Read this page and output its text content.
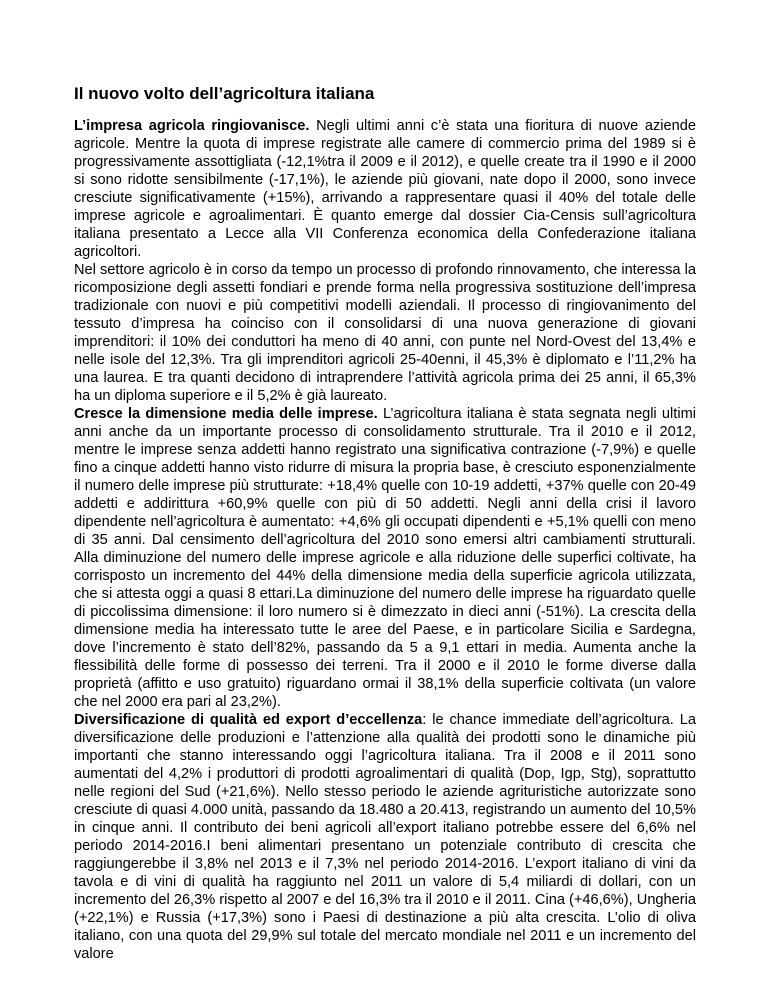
Il nuovo volto dell’agricoltura italiana

L’impresa agricola ringiovanisce. Negli ultimi anni c’è stata una fioritura di nuove aziende agricole. Mentre la quota di imprese registrate alle camere di commercio prima del 1989 si è progressivamente assottigliata (-12,1%tra il 2009 e il 2012), e quelle create tra il 1990 e il 2000 si sono ridotte sensibilmente (-17,1%), le aziende più giovani, nate dopo il 2000, sono invece cresciute significativamente (+15%), arrivando a rappresentare quasi il 40% del totale delle imprese agricole e agroalimentari. È quanto emerge dal dossier Cia-Censis sull’agricoltura italiana presentato a Lecce alla VII Conferenza economica della Confederazione italiana agricoltori.

Nel settore agricolo è in corso da tempo un processo di profondo rinnovamento, che interessa la ricomposizione degli assetti fondiari e prende forma nella progressiva sostituzione dell’impresa tradizionale con nuovi e più competitivi modelli aziendali. Il processo di ringiovanimento del tessuto d’impresa ha coinciso con il consolidarsi di una nuova generazione di giovani imprenditori: il 10% dei conduttori ha meno di 40 anni, con punte nel Nord-Ovest del 13,4% e nelle isole del 12,3%. Tra gli imprenditori agricoli 25-40enni, il 45,3% è diplomato e l’11,2% ha una laurea. E tra quanti decidono di intraprendere l’attività agricola prima dei 25 anni, il 65,3% ha un diploma superiore e il 5,2% è già laureato.

Cresce la dimensione media delle imprese. L’agricoltura italiana è stata segnata negli ultimi anni anche da un importante processo di consolidamento strutturale. Tra il 2010 e il 2012, mentre le imprese senza addetti hanno registrato una significativa contrazione (-7,9%) e quelle fino a cinque addetti hanno visto ridurre di misura la propria base, è cresciuto esponenzialmente il numero delle imprese più strutturate: +18,4% quelle con 10-19 addetti, +37% quelle con 20-49 addetti e addirittura +60,9% quelle con più di 50 addetti. Negli anni della crisi il lavoro dipendente nell’agricoltura è aumentato: +4,6% gli occupati dipendenti e +5,1% quelli con meno di 35 anni. Dal censimento dell’agricoltura del 2010 sono emersi altri cambiamenti strutturali. Alla diminuzione del numero delle imprese agricole e alla riduzione delle superfici coltivate, ha corrisposto un incremento del 44% della dimensione media della superficie agricola utilizzata, che si attesta oggi a quasi 8 ettari.La diminuzione del numero delle imprese ha riguardato quelle di piccolissima dimensione: il loro numero si è dimezzato in dieci anni (-51%). La crescita della dimensione media ha interessato tutte le aree del Paese, e in particolare Sicilia e Sardegna, dove l’incremento è stato dell’82%, passando da 5 a 9,1 ettari in media. Aumenta anche la flessibilità delle forme di possesso dei terreni. Tra il 2000 e il 2010 le forme diverse dalla proprietà (affitto e uso gratuito) riguardano ormai il 38,1% della superficie coltivata (un valore che nel 2000 era pari al 23,2%).

Diversificazione di qualità ed export d’eccellenza: le chance immediate dell’agricoltura. La diversificazione delle produzioni e l’attenzione alla qualità dei prodotti sono le dinamiche più importanti che stanno interessando oggi l’agricoltura italiana. Tra il 2008 e il 2011 sono aumentati del 4,2% i produttori di prodotti agroalimentari di qualità (Dop, Igp, Stg), soprattutto nelle regioni del Sud (+21,6%). Nello stesso periodo le aziende agrituristiche autorizzate sono cresciute di quasi 4.000 unità, passando da 18.480 a 20.413, registrando un aumento del 10,5% in cinque anni. Il contributo dei beni agricoli all’export italiano potrebbe essere del 6,6% nel periodo 2014-2016.I beni alimentari presentano un potenziale contributo di crescita che raggiungerebbe il 3,8% nel 2013 e il 7,3% nel periodo 2014-2016. L’export italiano di vini da tavola e di vini di qualità ha raggiunto nel 2011 un valore di 5,4 miliardi di dollari, con un incremento del 26,3% rispetto al 2007 e del 16,3% tra il 2010 e il 2011. Cina (+46,6%), Ungheria (+22,1%) e Russia (+17,3%) sono i Paesi di destinazione a più alta crescita. L’olio di oliva italiano, con una quota del 29,9% sul totale del mercato mondiale nel 2011 e un incremento del valore
